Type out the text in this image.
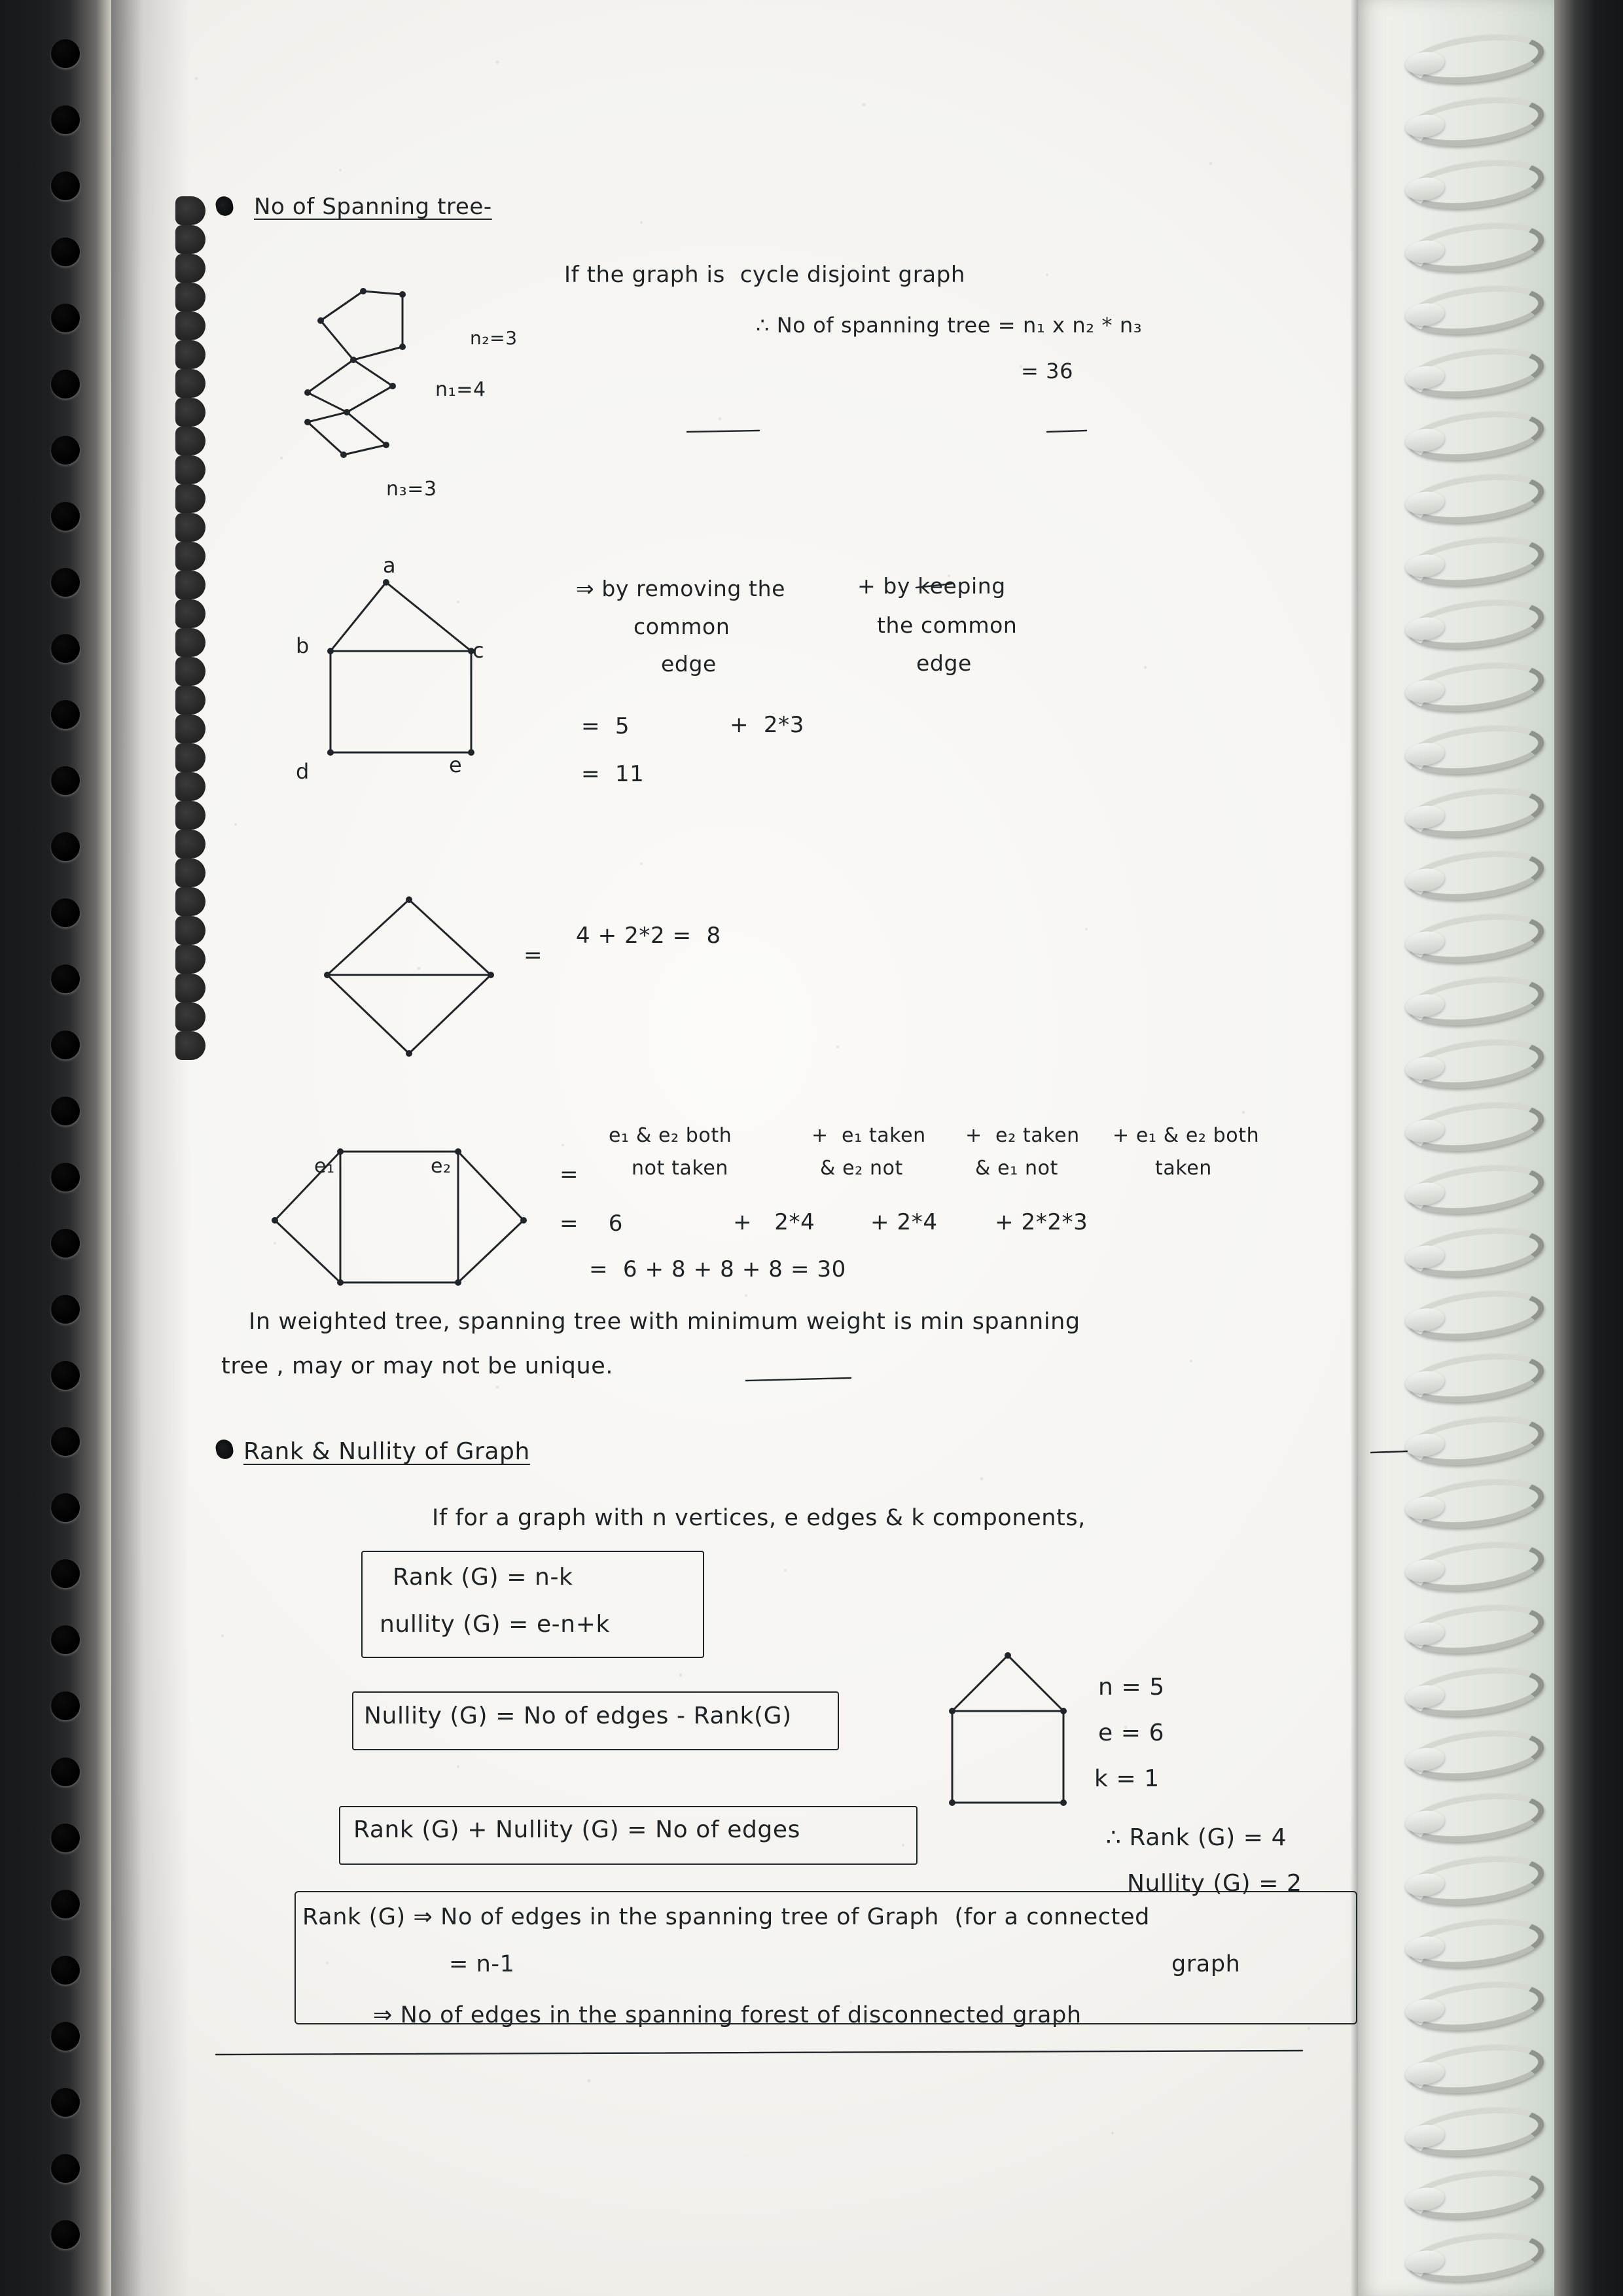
No of Spanning tree-
n₂=3
n₁=4
n₃=3
If the graph is  cycle disjoint graph
∴ No of spanning tree = n₁ x n₂ * n₃
= 36
a
b	c
d	e
⇒ by removing the
common
edge
+ by keeping
the common
edge
=  5	+  2*3
=  11
=
4 + 2*2 =  8
e₁	e₂	=
e₁ & e₂ both
not taken
+  e₁ taken
& e₂ not
+  e₂ taken
& e₁ not
+ e₁ & e₂ both
taken
=    6	+   2*4 + 2*4	+ 2*2*3
=  6 + 8 + 8 + 8 = 30
In weighted tree, spanning tree with minimum weight is min spanning
tree , may or may not be unique.
Rank & Nullity of Graph
If for a graph with n vertices, e edges & k components,
Rank (G) = n-k
nullity (G) = e-n+k
Nullity (G) = No of edges - Rank(G)
Rank (G) + Nullity (G) = No of edges
n = 5
e = 6
k = 1
∴ Rank (G) = 4
Nullity (G) = 2
Rank (G) ⇒ No of edges in the spanning tree of Graph  (for a connected
= n-1	graph
⇒ No of edges in the spanning forest of disconnected graph
